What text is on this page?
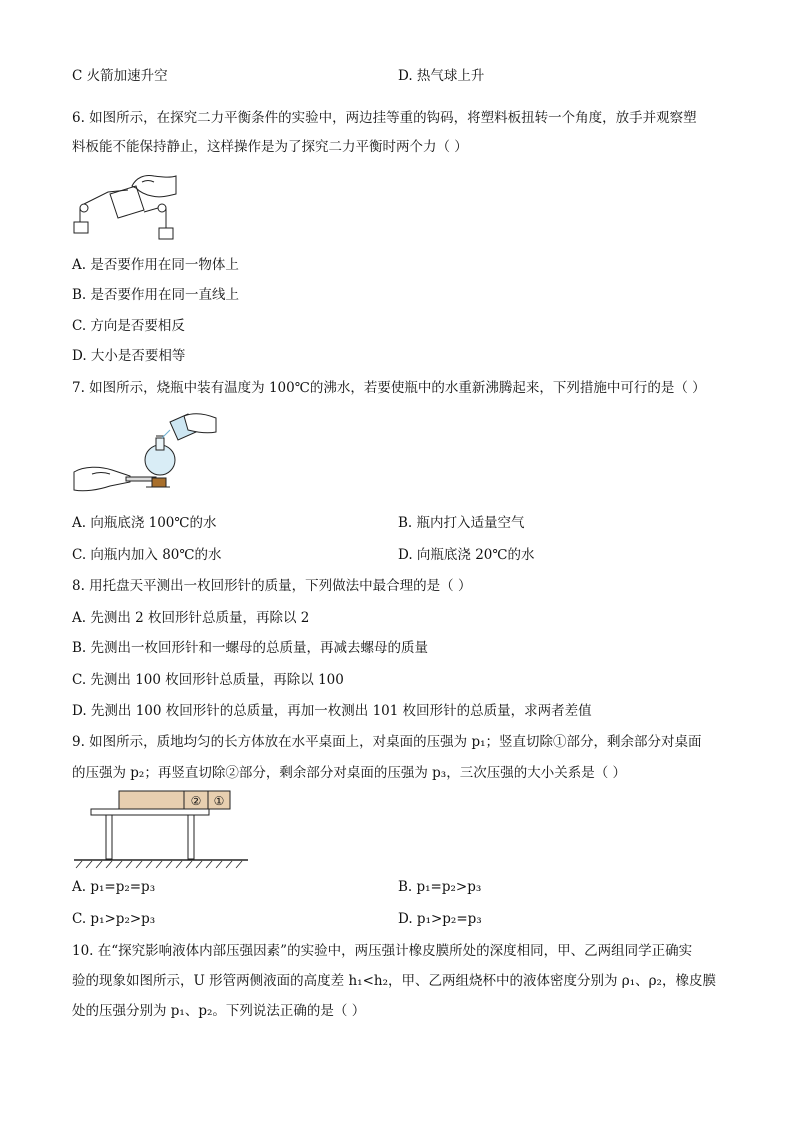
C 火箭加速升空	D. 热气球上升
6. 如图所示，在探究二力平衡条件的实验中，两边挂等重的钩码，将塑料板扭转一个角度，放手并观察塑
料板能不能保持静止，这样操作是为了探究二力平衡时两个力（ ）
A. 是否要作用在同一物体上
B. 是否要作用在同一直线上
C. 方向是否要相反
D. 大小是否要相等
7. 如图所示，烧瓶中装有温度为 100℃的沸水，若要使瓶中的水重新沸腾起来，下列措施中可行的是（ ）
A. 向瓶底浇 100℃的水	B. 瓶内打入适量空气
C. 向瓶内加入 80℃的水	D. 向瓶底浇 20℃的水
8. 用托盘天平测出一枚回形针的质量，下列做法中最合理的是（ ）
A. 先测出 2 枚回形针总质量，再除以 2
B. 先测出一枚回形针和一螺母的总质量，再减去螺母的质量
C. 先测出 100 枚回形针总质量，再除以 100
D. 先测出 100 枚回形针的总质量，再加一枚测出 101 枚回形针的总质量，求两者差值
9. 如图所示，质地均匀的长方体放在水平桌面上，对桌面的压强为 p₁；竖直切除①部分，剩余部分对桌面
的压强为 p₂；再竖直切除②部分，剩余部分对桌面的压强为 p₃，三次压强的大小关系是（ ）
② ①
A. p₁=p₂=p₃	B. p₁=p₂>p₃
C. p₁>p₂>p₃	D. p₁>p₂=p₃
10. 在“探究影响液体内部压强因素”的实验中，两压强计橡皮膜所处的深度相同，甲、乙两组同学正确实
验的现象如图所示，U 形管两侧液面的高度差 h₁<h₂，甲、乙两组烧杯中的液体密度分别为 ρ₁、ρ₂，橡皮膜
处的压强分别为 p₁、p₂。下列说法正确的是（ ）
